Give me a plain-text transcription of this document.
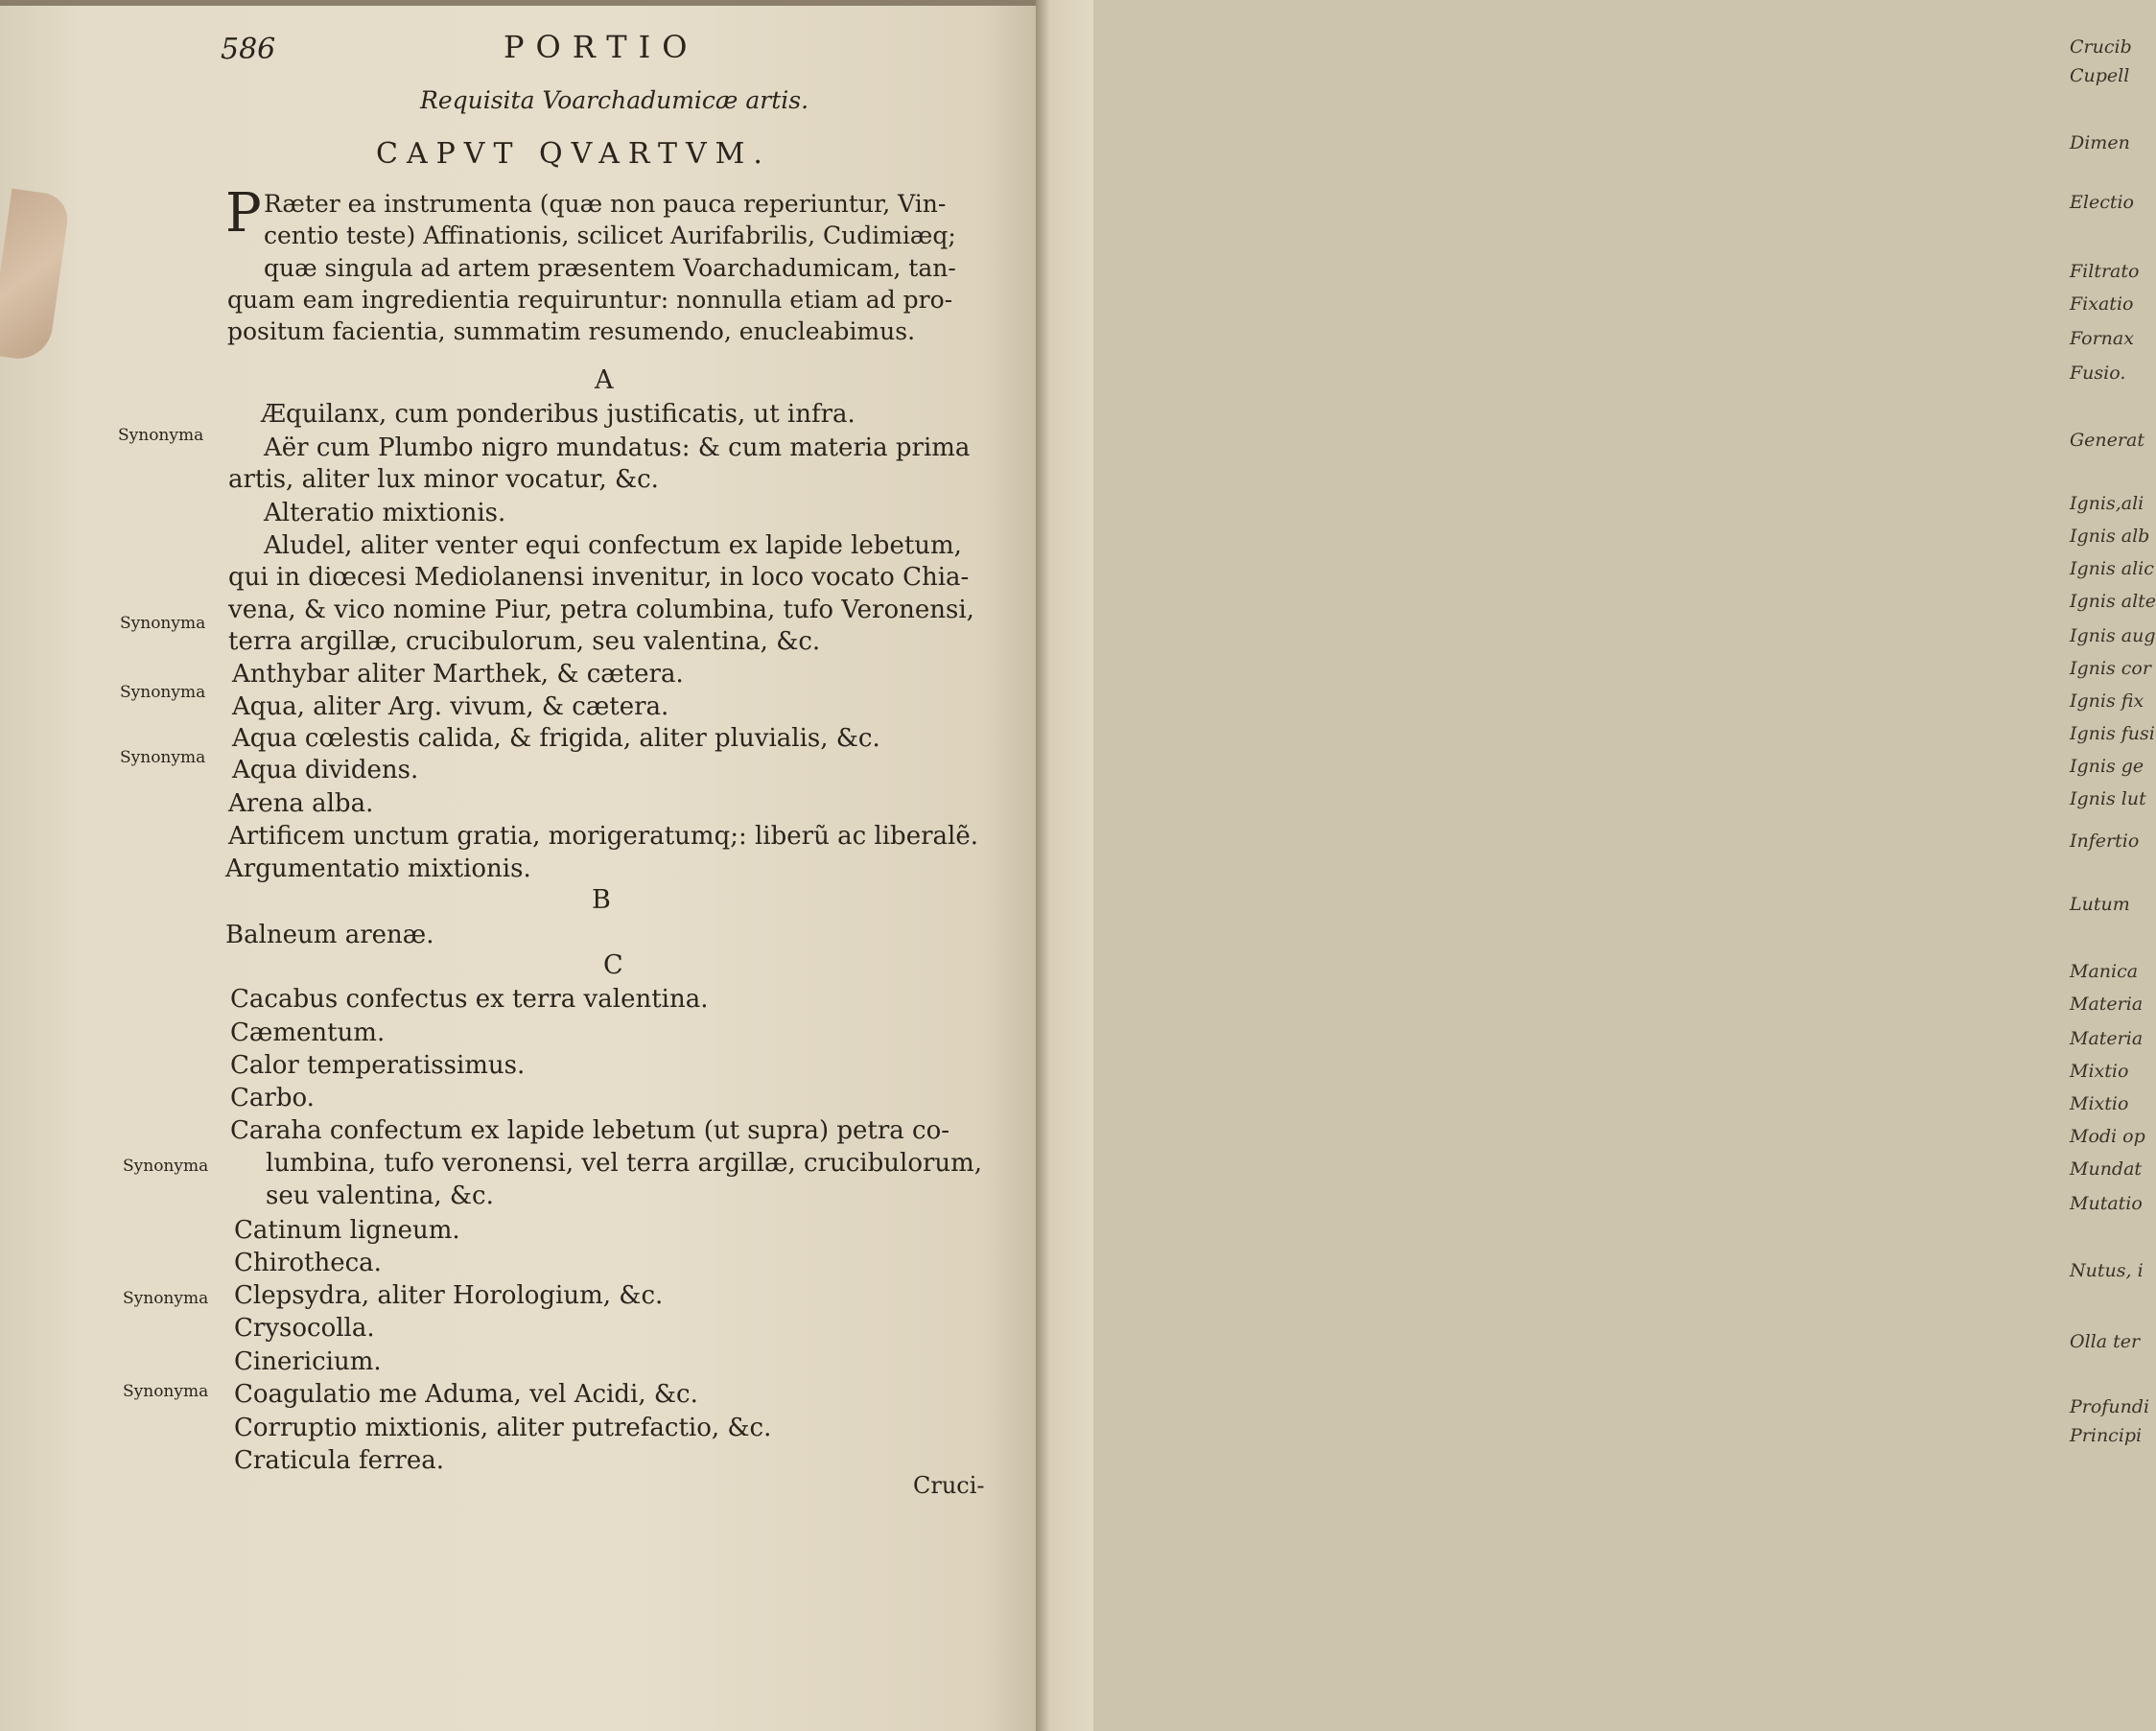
586	PORTIO
Requisita Voarchadumicæ artis.
CAPVT QVARTVM.
P Ræter ea instrumenta (quæ non pauca reperiuntur, Vin-
centio teste) Affinationis, scilicet Aurifabrilis, Cudimiæq;
quæ singula ad artem præsentem Voarchadumicam, tan-
quam eam ingredientia requiruntur: nonnulla etiam ad pro-
positum facientia, summatim resumendo, enucleabimus.
A
Æquilanx, cum ponderibus justificatis, ut infra.
Aër cum Plumbo nigro mundatus: & cum materia prima
artis, aliter lux minor vocatur, &c.
Alteratio mixtionis.
Aludel, aliter venter equi confectum ex lapide lebetum,
qui in diœcesi Mediolanensi invenitur, in loco vocato Chia-
vena, & vico nomine Piur, petra columbina, tufo Veronensi,
terra argillæ, crucibulorum, seu valentina, &c.
Anthybar aliter Marthek, & cætera.
Aqua, aliter Arg. vivum, & cætera.
Aqua cœlestis calida, & frigida, aliter pluvialis, &c.
Aqua dividens.
Arena alba.
Artificem unctum gratia, morigeratumq;: liberũ ac liberalẽ.
Argumentatio mixtionis.
B
Balneum arenæ.
C
Cacabus confectus ex terra valentina.
Cæmentum.
Calor temperatissimus.
Carbo.
Caraha confectum ex lapide lebetum (ut supra) petra co-
lumbina, tufo veronensi, vel terra argillæ, crucibulorum,
seu valentina, &c.
Catinum ligneum.
Chirotheca.
Clepsydra, aliter Horologium, &c.
Crysocolla.
Cinericium.
Coagulatio me Aduma, vel Acidi, &c.
Corruptio mixtionis, aliter putrefactio, &c.
Craticula ferrea.
Synonyma
Synonyma
Synonyma
Synonyma
Synonyma
Synonyma
Synonyma
Cruci-
Crucib
Cupell
Dimen
Electio
Filtrato
Fixatio
Fornax
Fusio.
Generat
Ignis,ali
Ignis alb
Ignis alic
Ignis alte
Ignis aug
Ignis cor
Ignis fix
Ignis fusi
Ignis ge
Ignis lut
Infertio
Lutum
Manica
Materia
Materia
Mixtio
Mixtio
Modi op
Mundat
Mutatio
Nutus, i
Olla ter
Profundi
Principi
